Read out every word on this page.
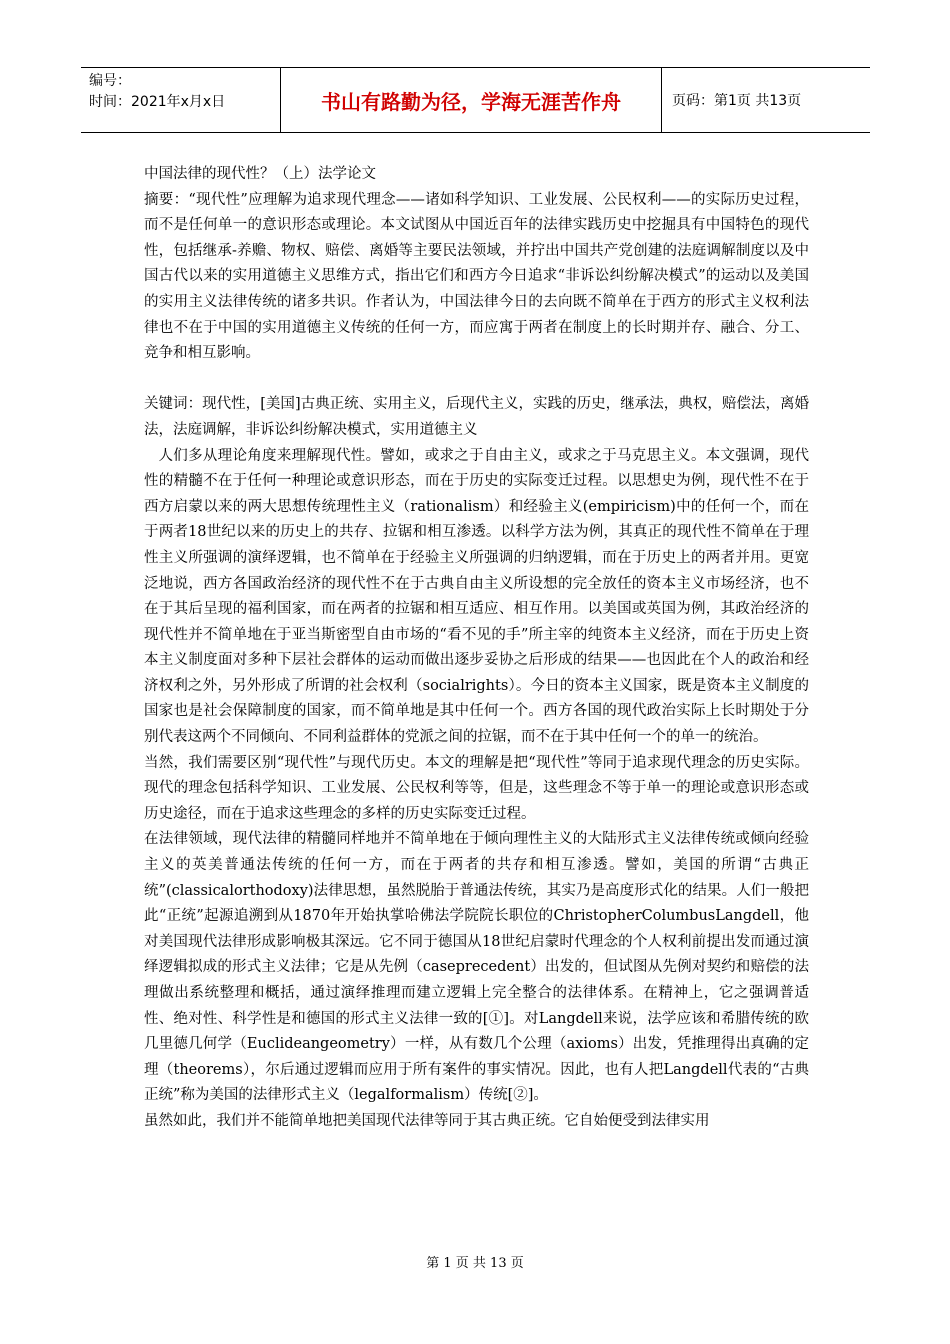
编号：
时间：2021年x月x日	书山有路勤为径，学海无涯苦作舟	页码：第1页 共13页

中国法律的现代性？（上）法学论文

摘要：“现代性”应理解为追求现代理念——诸如科学知识、工业发展、公民权利——的实际历史过程，而不是任何单一的意识形态或理论。本文试图从中国近百年的法律实践历史中挖掘具有中国特色的现代性，包括继承-养赡、物权、赔偿、离婚等主要民法领域，并拧出中国共产党创建的法庭调解制度以及中国古代以来的实用道德主义思维方式，指出它们和西方今日追求“非诉讼纠纷解决模式”的运动以及美国的实用主义法律传统的诸多共识。作者认为，中国法律今日的去向既不简单在于西方的形式主义权利法律也不在于中国的实用道德主义传统的任何一方，而应寓于两者在制度上的长时期并存、融合、分工、竞争和相互影响。

关键词：现代性，[美国]古典正统、实用主义，后现代主义，实践的历史，继承法，典权，赔偿法，离婚法，法庭调解，非诉讼纠纷解决模式，实用道德主义

人们多从理论角度来理解现代性。譬如，或求之于自由主义，或求之于马克思主义。本文强调，现代性的精髓不在于任何一种理论或意识形态，而在于历史的实际变迁过程。以思想史为例，现代性不在于西方启蒙以来的两大思想传统理性主义（rationalism）和经验主义(empiricism)中的任何一个，而在于两者18世纪以来的历史上的共存、拉锯和相互渗透。以科学方法为例，其真正的现代性不简单在于理性主义所强调的演绎逻辑，也不简单在于经验主义所强调的归纳逻辑，而在于历史上的两者并用。更宽泛地说，西方各国政治经济的现代性不在于古典自由主义所设想的完全放任的资本主义市场经济，也不在于其后呈现的福利国家，而在两者的拉锯和相互适应、相互作用。以美国或英国为例，其政治经济的现代性并不简单地在于亚当斯密型自由市场的“看不见的手”所主宰的纯资本主义经济，而在于历史上资本主义制度面对多种下层社会群体的运动而做出逐步妥协之后形成的结果——也因此在个人的政治和经济权利之外，另外形成了所谓的社会权利（socialrights）。今日的资本主义国家，既是资本主义制度的国家也是社会保障制度的国家，而不简单地是其中任何一个。西方各国的现代政治实际上长时期处于分别代表这两个不同倾向、不同利益群体的党派之间的拉锯，而不在于其中任何一个的单一的统治。

当然，我们需要区别“现代性”与现代历史。本文的理解是把“现代性”等同于追求现代理念的历史实际。现代的理念包括科学知识、工业发展、公民权利等等，但是，这些理念不等于单一的理论或意识形态或历史途径，而在于追求这些理念的多样的历史实际变迁过程。

在法律领域，现代法律的精髓同样地并不简单地在于倾向理性主义的大陆形式主义法律传统或倾向经验主义的英美普通法传统的任何一方，而在于两者的共存和相互渗透。譬如，美国的所谓“古典正统”(classicalorthodoxy)法律思想，虽然脱胎于普通法传统，其实乃是高度形式化的结果。人们一般把此“正统”起源追溯到从1870年开始执掌哈佛法学院院长职位的ChristopherColumbusLangdell，他对美国现代法律形成影响极其深远。它不同于德国从18世纪启蒙时代理念的个人权利前提出发而通过演绎逻辑拟成的形式主义法律；它是从先例（caseprecedent）出发的，但试图从先例对契约和赔偿的法理做出系统整理和概括，通过演绎推理而建立逻辑上完全整合的法律体系。在精神上，它之强调普适性、绝对性、科学性是和德国的形式主义法律一致的[①]。对Langdell来说，法学应该和希腊传统的欧几里德几何学（Euclideangeometry）一样，从有数几个公理（axioms）出发，凭推理得出真确的定理（theorems），尔后通过逻辑而应用于所有案件的事实情况。因此，也有人把Langdell代表的“古典正统”称为美国的法律形式主义（legalformalism）传统[②]。

虽然如此，我们并不能简单地把美国现代法律等同于其古典正统。它自始便受到法律实用

第 1 页 共 13 页
